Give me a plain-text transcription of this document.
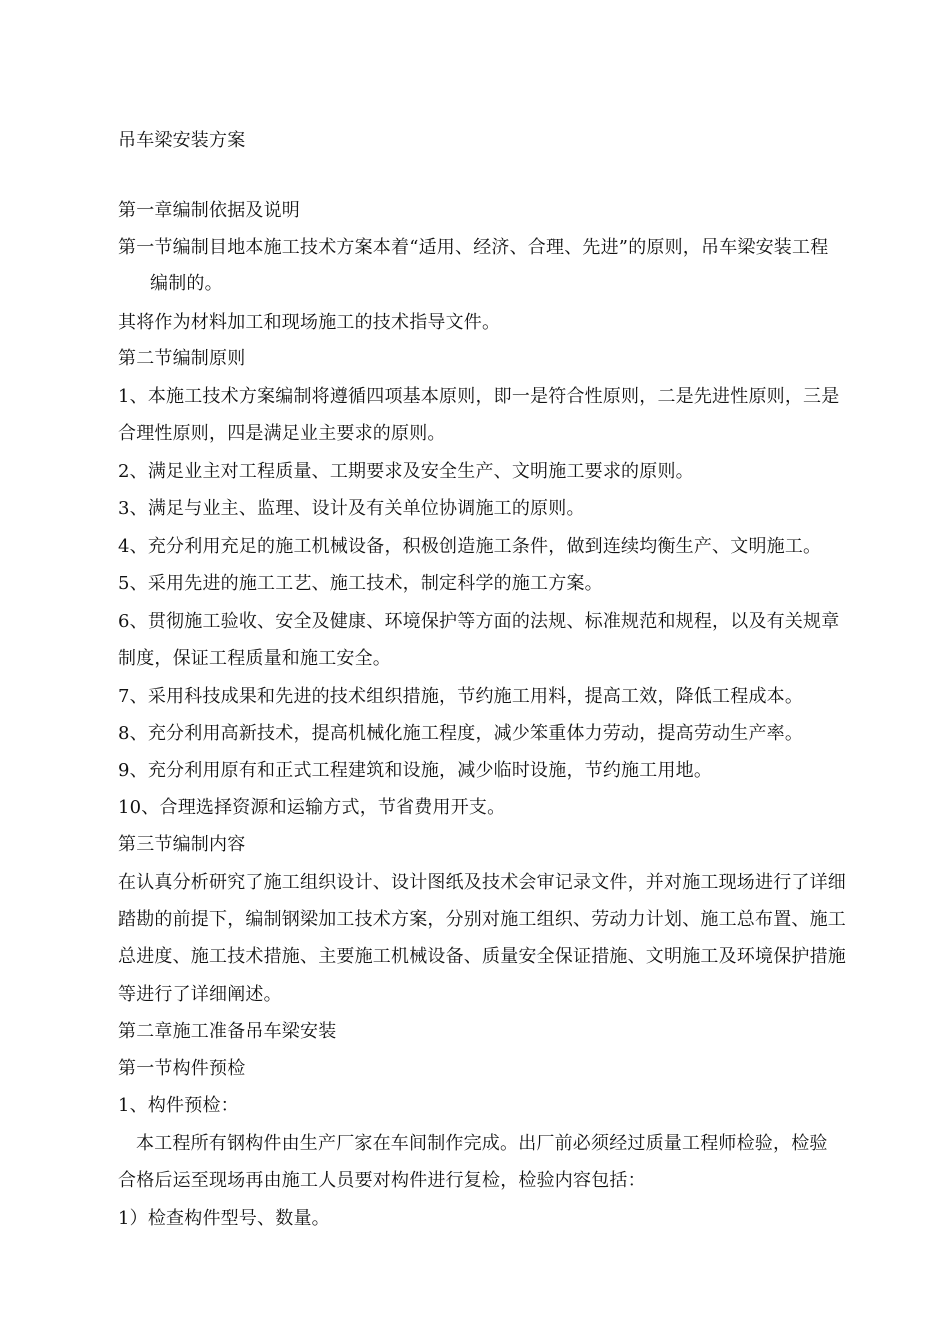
吊车梁安装方案
第一章编制依据及说明
第一节编制目地本施工技术方案本着“适用、经济、合理、先进”的原则，吊车梁安装工程
编制的。
其将作为材料加工和现场施工的技术指导文件。
第二节编制原则
1、本施工技术方案编制将遵循四项基本原则，即一是符合性原则，二是先进性原则，三是
合理性原则，四是满足业主要求的原则。
2、满足业主对工程质量、工期要求及安全生产、文明施工要求的原则。
3、满足与业主、监理、设计及有关单位协调施工的原则。
4、充分利用充足的施工机械设备，积极创造施工条件，做到连续均衡生产、文明施工。
5、采用先进的施工工艺、施工技术，制定科学的施工方案。
6、贯彻施工验收、安全及健康、环境保护等方面的法规、标准规范和规程，以及有关规章
制度，保证工程质量和施工安全。
7、采用科技成果和先进的技术组织措施，节约施工用料，提高工效，降低工程成本。
8、充分利用高新技术，提高机械化施工程度，减少笨重体力劳动，提高劳动生产率。
9、充分利用原有和正式工程建筑和设施，减少临时设施，节约施工用地。
10、合理选择资源和运输方式，节省费用开支。
第三节编制内容
在认真分析研究了施工组织设计、设计图纸及技术会审记录文件，并对施工现场进行了详细
踏勘的前提下，编制钢梁加工技术方案，分别对施工组织、劳动力计划、施工总布置、施工
总进度、施工技术措施、主要施工机械设备、质量安全保证措施、文明施工及环境保护措施
等进行了详细阐述。
第二章施工准备吊车梁安装
第一节构件预检
1、构件预检：
本工程所有钢构件由生产厂家在车间制作完成。出厂前必须经过质量工程师检验，检验
合格后运至现场再由施工人员要对构件进行复检，检验内容包括：
1）检查构件型号、数量。
